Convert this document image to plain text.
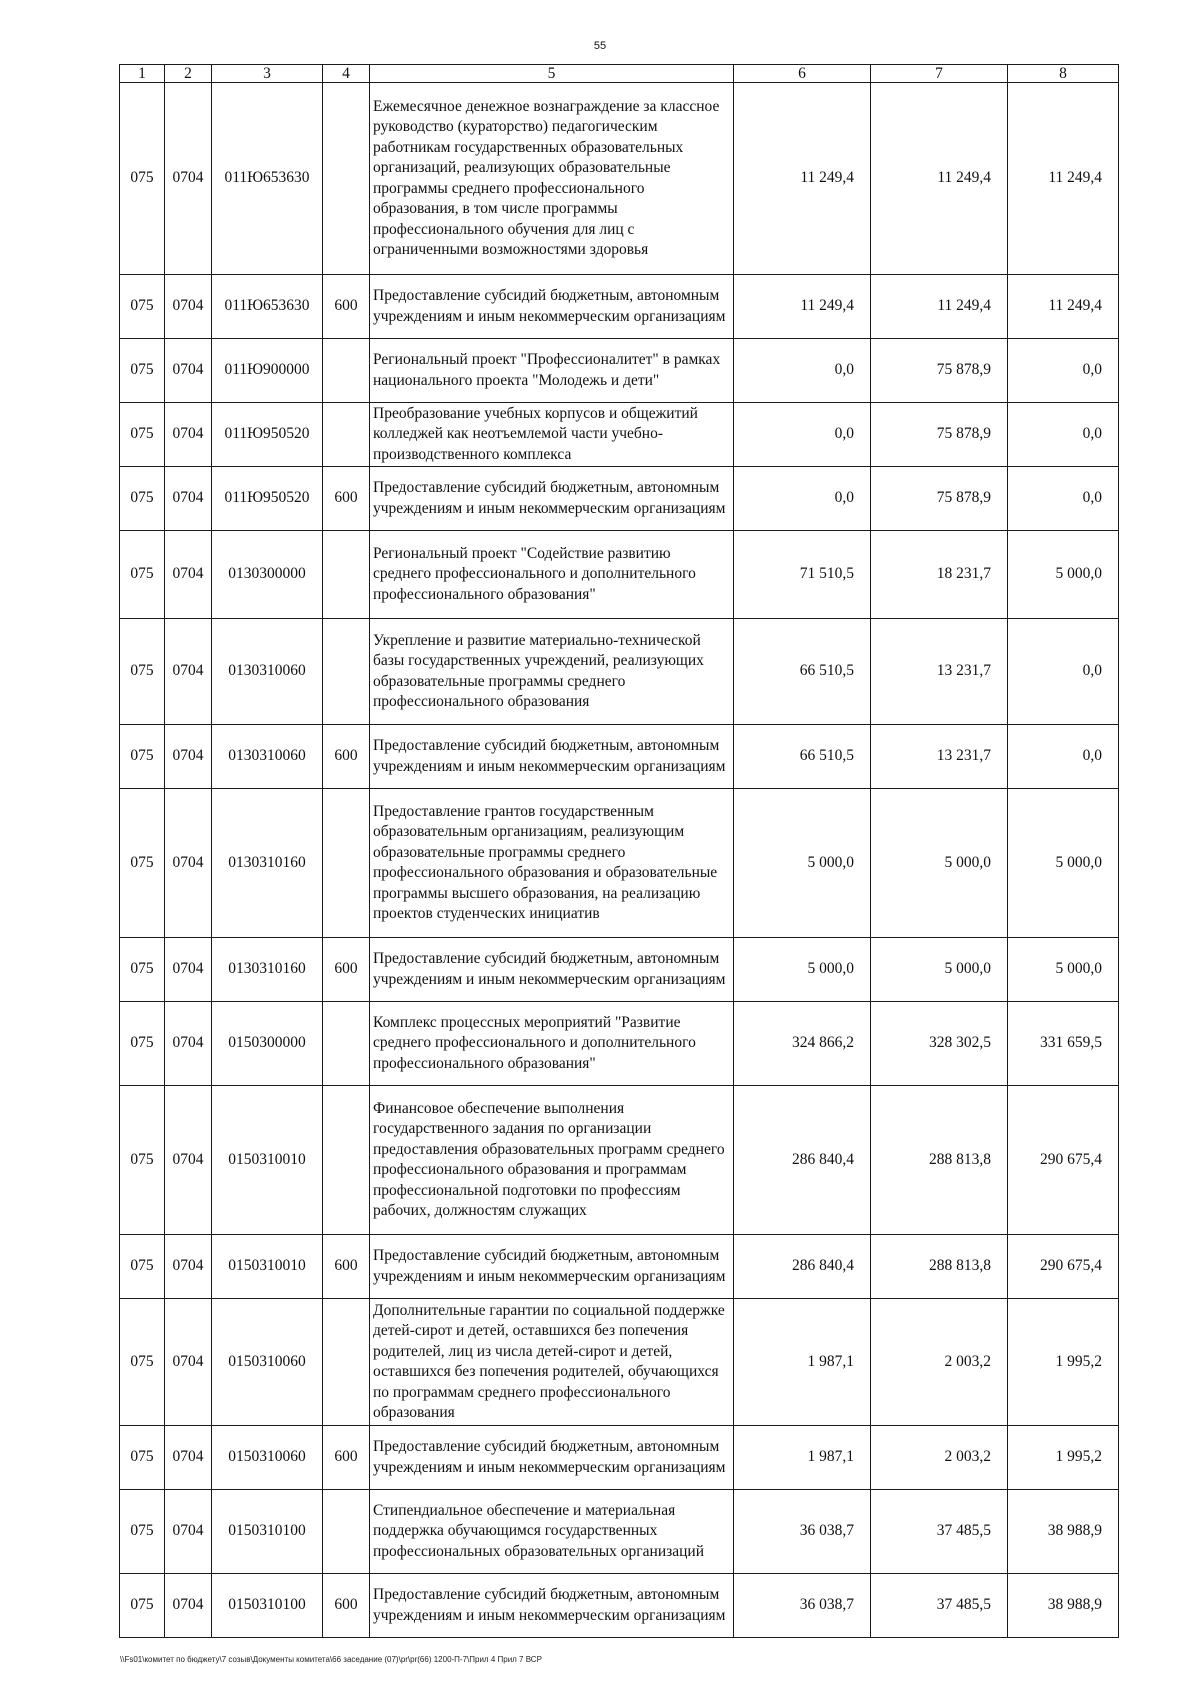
55
1	2	3	4	5	6	7	8
075	0704	011Ю653630		Ежемесячное денежное вознаграждение за классное руководство (кураторство) педагогическим работникам государственных образовательных организаций, реализующих образовательные программы среднего профессионального образования, в том числе программы профессионального обучения для лиц с ограниченными возможностями здоровья	11 249,4	11 249,4	11 249,4
075	0704	011Ю653630	600	Предоставление субсидий бюджетным, автономным учреждениям и иным некоммерческим организациям	11 249,4	11 249,4	11 249,4
075	0704	011Ю900000		Региональный проект "Профессионалитет" в рамках национального проекта "Молодежь и дети"	0,0	75 878,9	0,0
075	0704	011Ю950520		Преобразование учебных корпусов и общежитий колледжей как неотъемлемой части учебно-производственного комплекса	0,0	75 878,9	0,0
075	0704	011Ю950520	600	Предоставление субсидий бюджетным, автономным учреждениям и иным некоммерческим организациям	0,0	75 878,9	0,0
075	0704	0130300000		Региональный проект "Содействие развитию среднего профессионального и дополнительного профессионального образования"	71 510,5	18 231,7	5 000,0
075	0704	0130310060		Укрепление и развитие материально-технической базы государственных учреждений, реализующих образовательные программы среднего профессионального образования	66 510,5	13 231,7	0,0
075	0704	0130310060	600	Предоставление субсидий бюджетным, автономным учреждениям и иным некоммерческим организациям	66 510,5	13 231,7	0,0
075	0704	0130310160		Предоставление грантов государственным образовательным организациям, реализующим образовательные программы среднего профессионального образования и образовательные программы высшего образования, на реализацию проектов студенческих инициатив	5 000,0	5 000,0	5 000,0
075	0704	0130310160	600	Предоставление субсидий бюджетным, автономным учреждениям и иным некоммерческим организациям	5 000,0	5 000,0	5 000,0
075	0704	0150300000		Комплекс процессных мероприятий "Развитие среднего профессионального и дополнительного профессионального образования"	324 866,2	328 302,5	331 659,5
075	0704	0150310010		Финансовое обеспечение выполнения государственного задания по организации предоставления образовательных программ среднего профессионального образования и программам профессиональной подготовки по профессиям рабочих, должностям служащих	286 840,4	288 813,8	290 675,4
075	0704	0150310010	600	Предоставление субсидий бюджетным, автономным учреждениям и иным некоммерческим организациям	286 840,4	288 813,8	290 675,4
075	0704	0150310060		Дополнительные гарантии по социальной поддержке детей-сирот и детей, оставшихся без попечения родителей, лиц из числа детей-сирот и детей, оставшихся без попечения родителей, обучающихся по программам среднего профессионального образования	1 987,1	2 003,2	1 995,2
075	0704	0150310060	600	Предоставление субсидий бюджетным, автономным учреждениям и иным некоммерческим организациям	1 987,1	2 003,2	1 995,2
075	0704	0150310100		Стипендиальное обеспечение и материальная поддержка обучающимся государственных профессиональных образовательных организаций	36 038,7	37 485,5	38 988,9
075	0704	0150310100	600	Предоставление субсидий бюджетным, автономным учреждениям и иным некоммерческим организациям	36 038,7	37 485,5	38 988,9
\\Fs01\комитет по бюджету\7 созыв\Документы комитета\66 заседание (07)\pr\pr(66) 1200-П-7\Прил 4 Прил 7 ВСР
